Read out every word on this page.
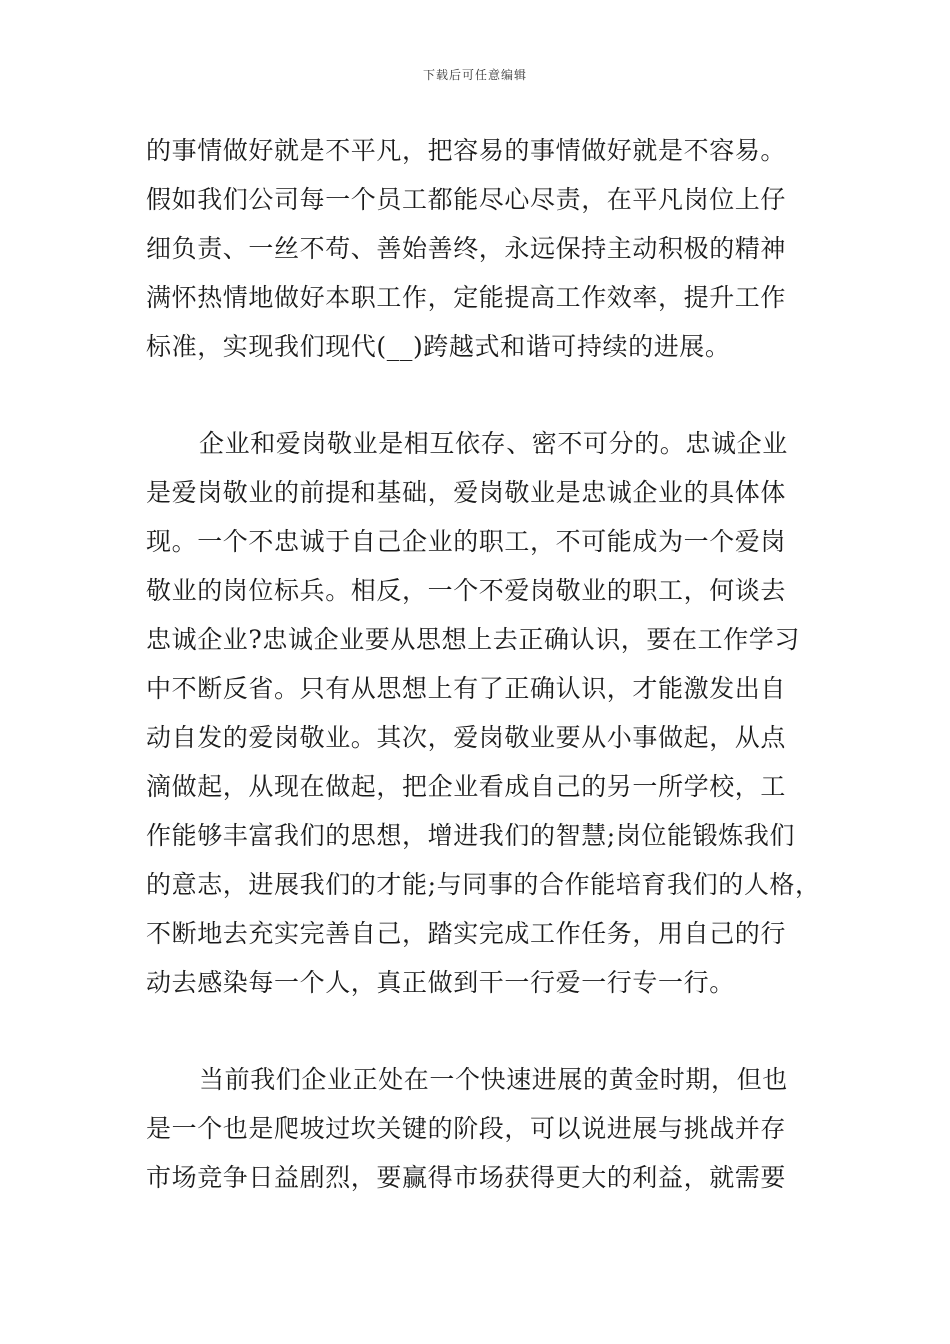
下载后可任意编辑
的事情做好就是不平凡，把容易的事情做好就是不容易。
假如我们公司每一个员工都能尽心尽责，在平凡岗位上仔
细负责、一丝不苟、善始善终，永远保持主动积极的精神
满怀热情地做好本职工作，定能提高工作效率，提升工作
标准，实现我们现代(__)跨越式和谐可持续的进展。
企业和爱岗敬业是相互依存、密不可分的。忠诚企业
是爱岗敬业的前提和基础，爱岗敬业是忠诚企业的具体体
现。一个不忠诚于自己企业的职工，不可能成为一个爱岗
敬业的岗位标兵。相反，一个不爱岗敬业的职工，何谈去
忠诚企业?忠诚企业要从思想上去正确认识，要在工作学习
中不断反省。只有从思想上有了正确认识，才能激发出自
动自发的爱岗敬业。其次，爱岗敬业要从小事做起，从点
滴做起，从现在做起，把企业看成自己的另一所学校，工
作能够丰富我们的思想，增进我们的智慧;岗位能锻炼我们
的意志，进展我们的才能;与同事的合作能培育我们的人格，
不断地去充实完善自己，踏实完成工作任务，用自己的行
动去感染每一个人，真正做到干一行爱一行专一行。
当前我们企业正处在一个快速进展的黄金时期，但也
是一个也是爬坡过坎关键的阶段，可以说进展与挑战并存
市场竞争日益剧烈，要赢得市场获得更大的利益，就需要
